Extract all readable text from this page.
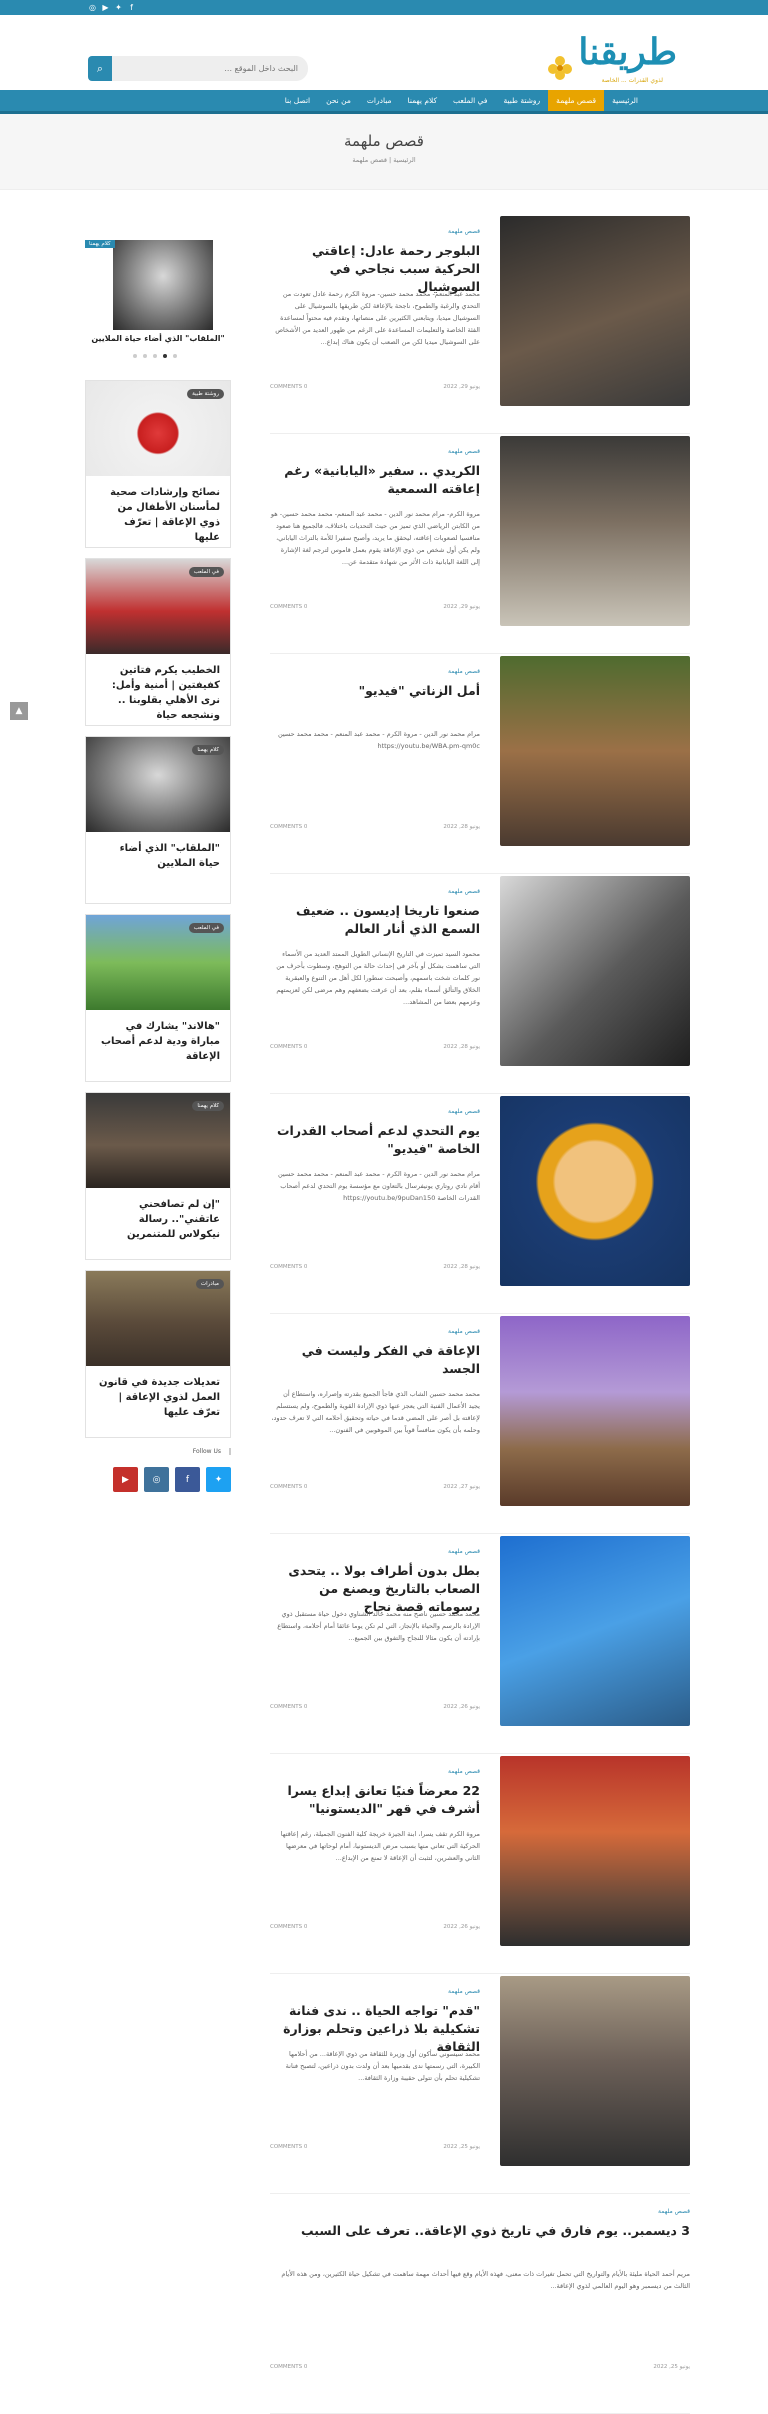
◎ ▶ ✦	f
طريقنا
لذوي القدرات ... الخاصة
⌕
البحث داخل الموقع ...
الرئيسية
قصص ملهمة
روشتة طبية
في الملعب
كلام يهمنا
مبادرات
من نحن
اتصل بنا
قصص ملهمة
الرئيسية | قصص ملهمة
قصص ملهمة
البلوجر رحمة عادل: إعاقتي الحركية سبب نجاحي في السوشيال

محمد عبد المنعم- محمد محمد حسين- مروة الكرم رحمة عادل تعودت من التحدي والرغبة والطموح، ناجحة بالإعاقة لكن طريقها بالسوشيال على السوشيال ميديا، ويتابعني الكثيرين على منصاتها، وتقدم فيه محتواً لمساعدة الفئة الخاصة والتعليمات المساعدة على الرغم من ظهور العديد من الأشخاص على السوشيال ميديا لكن من الصعب أن يكون هناك إبداع...

يونيو 29, 2022
COMMENTS 0
قصص ملهمة
الكريدي .. سفير «اليابانية» رغم إعاقته السمعية

مروة الكرم- مرام محمد نور الدين - محمد عبد المنعم- محمد محمد حسين- هو من الكابتن الرياضي الذي تميز من حيث التحديات باختلاف، فالجميع هنا صعود منافسيا لصعوبات إعاقته، ليحقق ما يريد، وأصبح سفيرا للأمة بالتراث الياباني، ولم يكن أول شخص من ذوي الإعاقة يقوم بعمل قاموس لترجم لغة الإشارة إلى اللغة اليابانية ذات الأثر من شهادة متقدمة عن...

يونيو 29, 2022
COMMENTS 0
قصص ملهمة
أمل الزناتي "فيديو"

مرام محمد نور الدين - مروة الكرم - محمد عبد المنعم - محمد محمد حسين https://youtu.be/WBA.pm-qm0c

يونيو 28, 2022
COMMENTS 0
قصص ملهمة
صنعوا تاريخا إديسون .. ضعيف السمع الذي أنار العالم

محمود السيد تميزت في التاريخ الإنساني الطويل الممتد العديد من الأسماء التي ساهمت بشكل أو بآخر في إحداث حالة من التوهج، وسطوت بأحرف من نور كلمات شخت باسمهم، وأصبحت سطورا لكل أهل من التنوع والعبقرية الخلاق والتألق أسماء بقلم، بعد أن عرفت بضعفهم وهم مرضى لكن لعزيمتهم وعزمهم بعضا من المشاهد...

يونيو 28, 2022
COMMENTS 0
قصص ملهمة
يوم التحدي لدعم أصحاب القدرات الخاصة "فيديو"

مرام محمد نور الدين - مروة الكرم - محمد عبد المنعم - محمد محمد حسين أقام نادي روتاري يونيفرسال بالتعاون مع مؤسسة يوم التحدي لدعم أصحاب القدرات الخاصة https://youtu.be/9puDan150

يونيو 28, 2022
COMMENTS 0
قصص ملهمة
الإعاقة في الفكر وليست في الجسد

محمد محمد حسين الشاب الذي فاجأ الجميع بقدرته وإصراره، واستطاع أن يجيد الأعمال الفنية التي يعجز عنها ذوي الإرادة القوية والطموح، ولم يستسلم لإعاقته بل أصر على المضي قدما في حياته وتحقيق أحلامه التي لا تعرف حدود، وحلمه بأن يكون منافساً قوياً بين الموهوبين في الفنون...

يونيو 27, 2022
COMMENTS 0
قصص ملهمة
بطل بدون أطراف بولا .. يتحدى الصعاب بالتاريخ ويصنع من رسوماته قصة نجاح

محمد محمد حسين ناصح منه محمد خالد الشناوي دخول حياة مستقبل ذوي الإرادة بالرسم والحياة بالإنجاز، التي لم تكن يوما عائقا أمام أحلامه، واستطاع بإرادته أن يكون مثالا للنجاح والتفوق بين الجميع...

يونيو 26, 2022
COMMENTS 0
قصص ملهمة
22 معرضاً فنيًا تعانق إبداع يسرا أشرف في قهر "الديستونيا"

مروة الكرم تقف يسرا، ابنة الجيزة خريجة كلية الفنون الجميلة، رغم إعاقتها الحركية التي تعاني منها بسبب مرض الديستونيا، أمام لوحاتها في معرضها الثاني والعشرين، لتثبت أن الإعاقة لا تمنع من الإبداع...

يونيو 26, 2022
COMMENTS 0
قصص ملهمة
"قدم" تواجه الحياة .. ندى فنانة تشكيلية بلا ذراعين وتحلم بوزارة الثقافة

محمد سيسوني سأكون أول وزيرة للثقافة من ذوي الإعاقة... من أحلامها الكبيرة، التي رسمتها ندى بقدميها بعد أن ولدت بدون ذراعين، لتصبح فنانة تشكيلية تحلم بأن تتولى حقيبة وزارة الثقافة...

يونيو 25, 2022
COMMENTS 0
قصص ملهمة
3 ديسمبر.. يوم فارق في تاريخ ذوي الإعاقة.. تعرف على السبب

مريم أحمد الحياة مليئة بالأيام والتواريخ التي تحمل تغيرات ذات معنى، فهذه الأيام وقع فيها أحداث مهمة ساهمت في تشكيل حياة الكثيرين، ومن هذه الأيام الثالث من ديسمبر وهو اليوم العالمي لذوي الإعاقة...

يونيو 25, 2022
COMMENTS 0
كلام يهمنا
"الملقاب" الذي أضاء حياة الملايين
روشتة طبية
نصائح وإرشادات صحية لمأسنان الأطفال من ذوي الإعاقة | تعرّف عليها
في الملعب
الخطيب يكرم فتاتين كفيفتين | أمنية وأمل: نرى الأهلي بقلوبنا .. ونشجعه حياة
كلام يهمنا
"الملقاب" الذي أضاء حياة الملايين
في الملعب
"هالاند" يشارك في مباراة ودية لدعم أصحاب الإعاقة
كلام يهمنا
"إن لم تصافحني عاتقني".. رسالة نيكولاس للمتنمرين
مبادرات
تعديلات جديدة في قانون العمل لذوي الإعاقة | تعرّف عليها
Follow Us
▶	◎	f	✦
▲
